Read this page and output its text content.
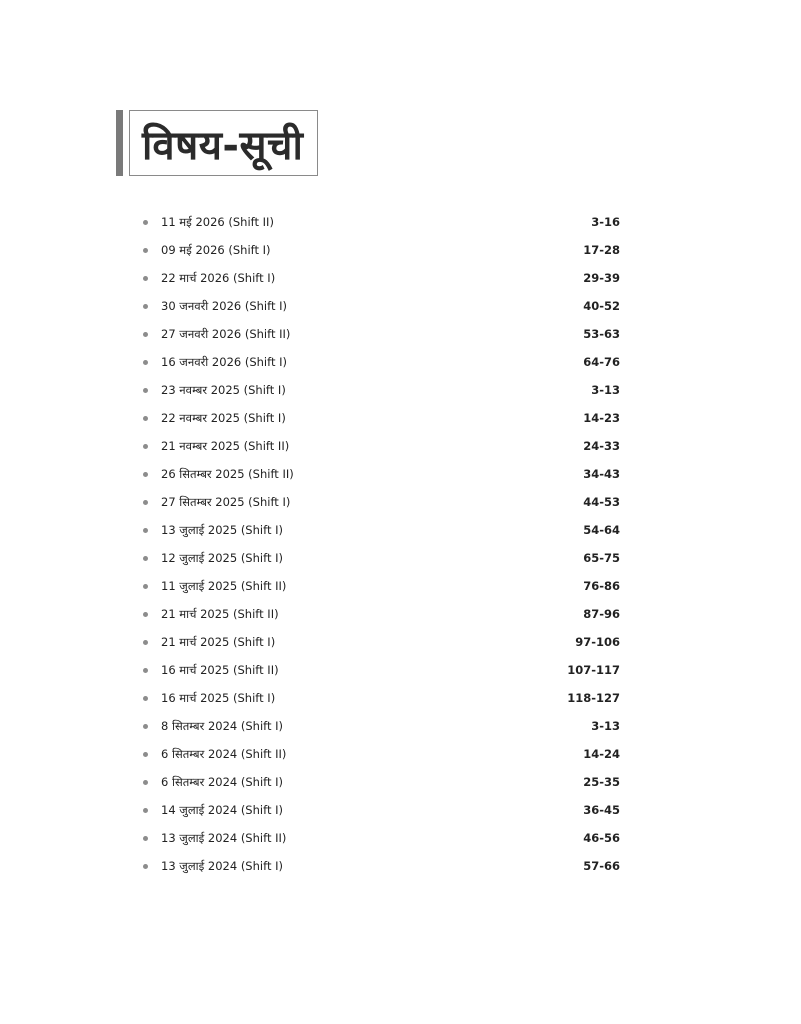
विषय-सूची
11 मई 2026 (Shift II)	3-16
09 मई 2026 (Shift I)	17-28
22 मार्च 2026 (Shift I)	29-39
30 जनवरी 2026 (Shift I)	40-52
27 जनवरी 2026 (Shift II)	53-63
16 जनवरी 2026 (Shift I)	64-76
23 नवम्बर 2025 (Shift I)	3-13
22 नवम्बर 2025 (Shift I)	14-23
21 नवम्बर 2025 (Shift II)	24-33
26 सितम्बर 2025 (Shift II)	34-43
27 सितम्बर 2025 (Shift I)	44-53
13 जुलाई 2025 (Shift I)	54-64
12 जुलाई 2025 (Shift I)	65-75
11 जुलाई 2025 (Shift II)	76-86
21 मार्च 2025 (Shift II)	87-96
21 मार्च 2025 (Shift I)	97-106
16 मार्च 2025 (Shift II)	107-117
16 मार्च 2025 (Shift I)	118-127
8 सितम्बर 2024 (Shift I)	3-13
6 सितम्बर 2024 (Shift II)	14-24
6 सितम्बर 2024 (Shift I)	25-35
14 जुलाई 2024 (Shift I)	36-45
13 जुलाई 2024 (Shift II)	46-56
13 जुलाई 2024 (Shift I)	57-66
